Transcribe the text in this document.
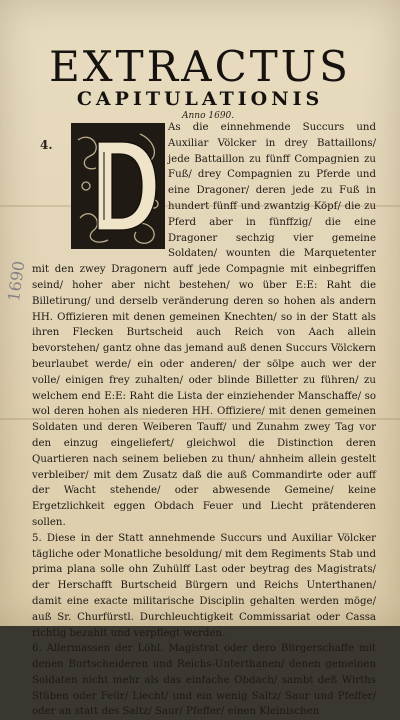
EXTRACTUS
CAPITULATIONIS
Anno 1690.
1690

As die einnehmende Succurs und Auxiliar Völcker in drey Battaillons/ jede Battaillon zu fünff Compagnien zu Fuß/ drey Compagnien zu Pferde und eine Dragoner/ deren jede zu Fuß in hundert fünff und zwantzig Köpf/ die zu Pferd aber in fünffzig/ die eine Dragoner sechzig vier gemeine Soldaten/ wounten die Marquetenter mit den zwey Dragonern auff jede Compagnie mit einbegriffen seind/ hoher aber nicht bestehen/ wo über E:E: Raht die Billetirung/ und derselb veränderung deren so hohen als andern HH. Offizieren mit denen gemeinen Knechten/ so in der Statt als ihren Flecken Burtscheid auch Reich von Aach allein bevorstehen/ gantz ohne das jemand auß denen Succurs Völckern beurlaubet werde/ ein oder anderen/ der sölpe auch wer der volle/ einigen frey zuhalten/ oder blinde Billetter zu führen/ zu welchem end E:E: Raht die Lista der einziehender Manschaffe/ so wol deren hohen als niederen HH. Offiziere/ mit denen gemeinen Soldaten und deren Weiberen Tauff/ und Zunahm zwey Tag vor den einzug eingeliefert/ gleichwol die Distinction deren Quartieren nach seinem belieben zu thun/ ahnheim allein gestelt verbleiber/ mit dem Zusatz daß die auß Commandirte oder auff der Wacht stehende/ oder abwesende Gemeine/ keine Ergetzlichkeit eggen Obdach Feuer und Liecht prätenderen sollen.

5. Diese in der Statt annehmende Succurs und Auxiliar Völcker tägliche oder Monatliche besoldung/ mit dem Regiments Stab und prima plana solle ohn Zuhülff Last oder beytrag des Magistrats/ der Herschafft Burtscheid Bürgern und Reichs Unterthanen/ damit eine exacte militarische Disciplin gehalten werden möge/ auß Sr. Churfürstl. Durchleuchtigkeit Commissariat oder Cassa richtig bezahlt und verpflegt werden.

6. Allermassen der Löbl. Magistrat oder dero Bürgerschaffe mit denen Burtscheideren und Reichs-Unterthanen/ denen gemeinen Soldaten nicht mehr als das einfache Obdach/ sambt deß Wirths Stüben oder Feür/ Liecht/ und ein wenig Saltz/ Saur und Pfeffer/ oder an statt des Saltz/ Saur/ Pfeffer/ einen Kleinischen

4.
